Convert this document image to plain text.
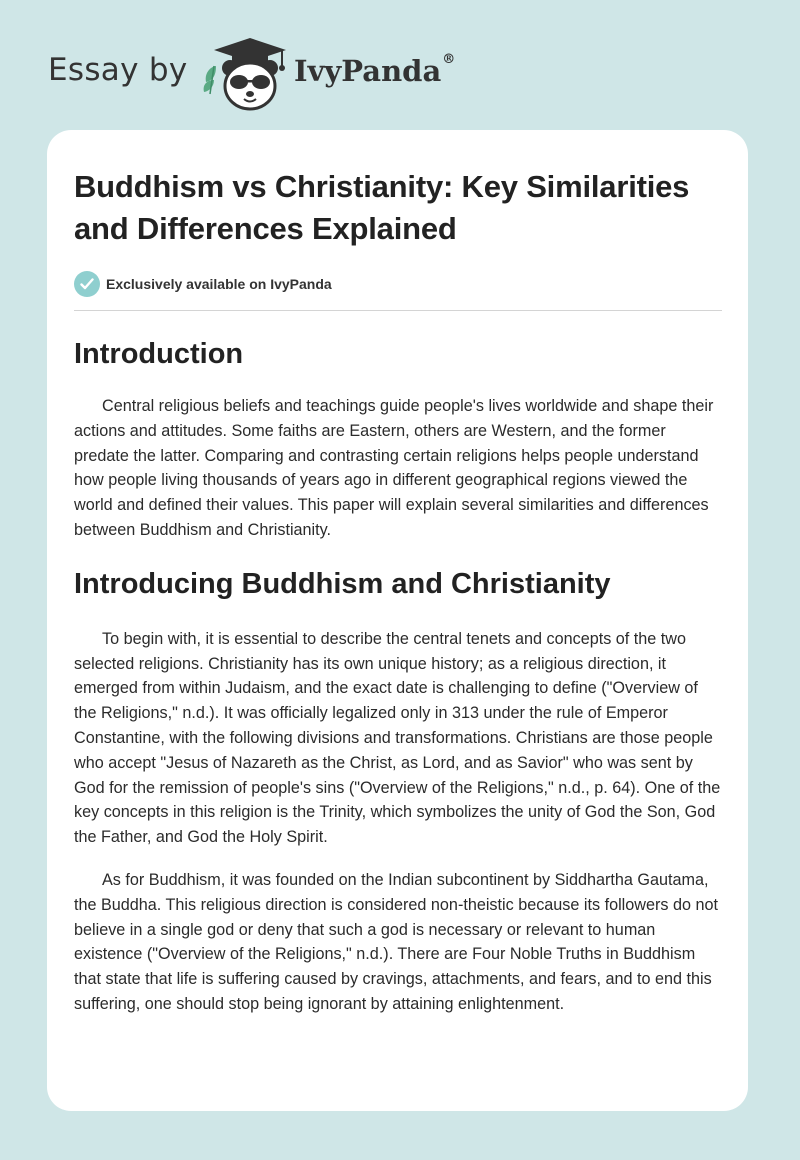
Essay by	IvyPanda®
Buddhism vs Christianity: Key Similarities and Differences Explained
Exclusively available on IvyPanda
Introduction

Central religious beliefs and teachings guide people's lives worldwide and shape their actions and attitudes. Some faiths are Eastern, others are Western, and the former predate the latter. Comparing and contrasting certain religions helps people understand how people living thousands of years ago in different geographical regions viewed the world and defined their values. This paper will explain several similarities and differences between Buddhism and Christianity.

Introducing Buddhism and Christianity

To begin with, it is essential to describe the central tenets and concepts of the two selected religions. Christianity has its own unique history; as a religious direction, it emerged from within Judaism, and the exact date is challenging to define ("Overview of the Religions," n.d.). It was officially legalized only in 313 under the rule of Emperor Constantine, with the following divisions and transformations. Christians are those people who accept "Jesus of Nazareth as the Christ, as Lord, and as Savior" who was sent by God for the remission of people's sins ("Overview of the Religions," n.d., p. 64). One of the key concepts in this religion is the Trinity, which symbolizes the unity of God the Son, God the Father, and God the Holy Spirit.

As for Buddhism, it was founded on the Indian subcontinent by Siddhartha Gautama, the Buddha. This religious direction is considered non-theistic because its followers do not believe in a single god or deny that such a god is necessary or relevant to human existence ("Overview of the Religions," n.d.). There are Four Noble Truths in Buddhism that state that life is suffering caused by cravings, attachments, and fears, and to end this suffering, one should stop being ignorant by attaining enlightenment.
